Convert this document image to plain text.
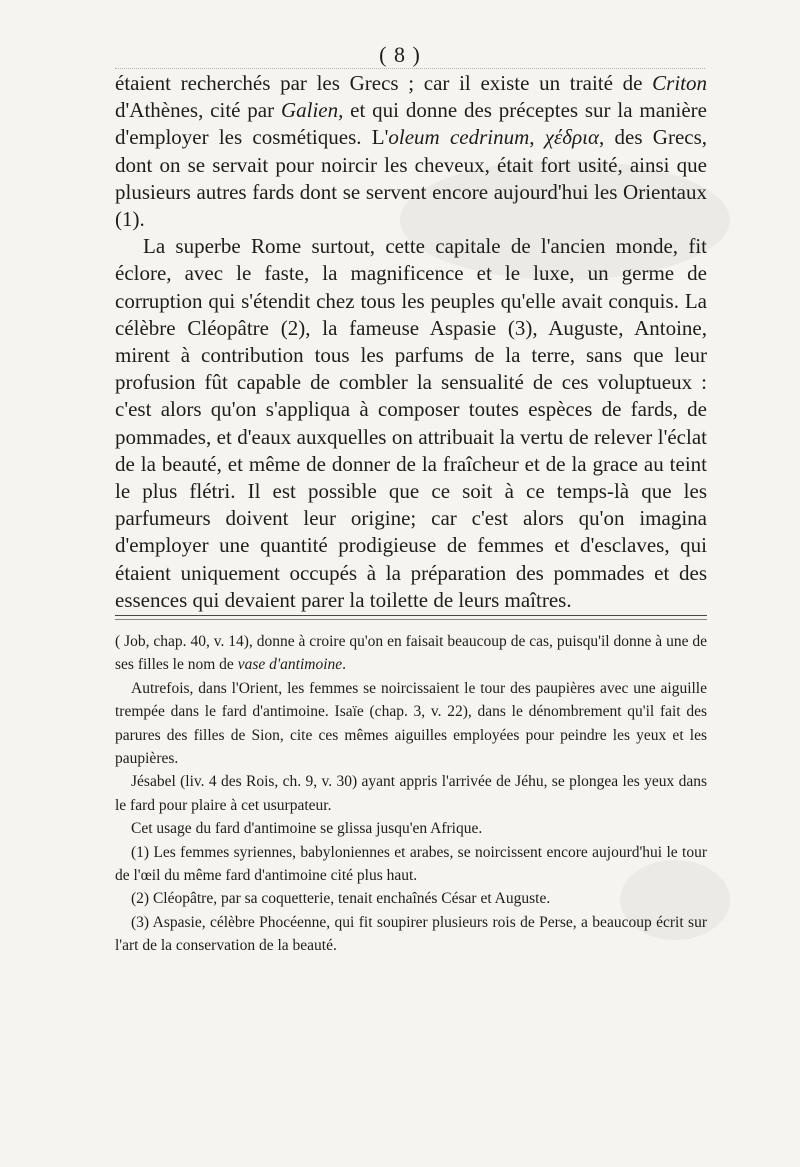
( 8 )

étaient recherchés par les Grecs ; car il existe un traité de Criton d'Athènes, cité par Galien, et qui donne des préceptes sur la manière d'employer les cosmétiques. L'oleum cedrinum, χέδρια, des Grecs, dont on se servait pour noircir les cheveux, était fort usité, ainsi que plusieurs autres fards dont se servent encore aujourd'hui les Orientaux (1).

La superbe Rome surtout, cette capitale de l'ancien monde, fit éclore, avec le faste, la magnificence et le luxe, un germe de corruption qui s'étendit chez tous les peuples qu'elle avait conquis. La célèbre Cléopâtre (2), la fameuse Aspasie (3), Auguste, Antoine, mirent à contribution tous les parfums de la terre, sans que leur profusion fût capable de combler la sensualité de ces voluptueux : c'est alors qu'on s'appliqua à composer toutes espèces de fards, de pommades, et d'eaux auxquelles on attribuait la vertu de relever l'éclat de la beauté, et même de donner de la fraîcheur et de la grace au teint le plus flétri. Il est possible que ce soit à ce temps-là que les parfumeurs doivent leur origine; car c'est alors qu'on imagina d'employer une quantité prodigieuse de femmes et d'esclaves, qui étaient uniquement occupés à la préparation des pommades et des essences qui devaient parer la toilette de leurs maîtres.

( Job, chap. 40, v. 14), donne à croire qu'on en faisait beaucoup de cas, puisqu'il donne à une de ses filles le nom de vase d'antimoine.

Autrefois, dans l'Orient, les femmes se noircissaient le tour des paupières avec une aiguille trempée dans le fard d'antimoine. Isaïe (chap. 3, v. 22), dans le dénombrement qu'il fait des parures des filles de Sion, cite ces mêmes aiguilles employées pour peindre les yeux et les paupières.

Jésabel (liv. 4 des Rois, ch. 9, v. 30) ayant appris l'arrivée de Jéhu, se plongea les yeux dans le fard pour plaire à cet usurpateur.

Cet usage du fard d'antimoine se glissa jusqu'en Afrique.

(1) Les femmes syriennes, babyloniennes et arabes, se noircissent encore aujourd'hui le tour de l'œil du même fard d'antimoine cité plus haut.

(2) Cléopâtre, par sa coquetterie, tenait enchaînés César et Auguste.

(3) Aspasie, célèbre Phocéenne, qui fit soupirer plusieurs rois de Perse, a beaucoup écrit sur l'art de la conservation de la beauté.
